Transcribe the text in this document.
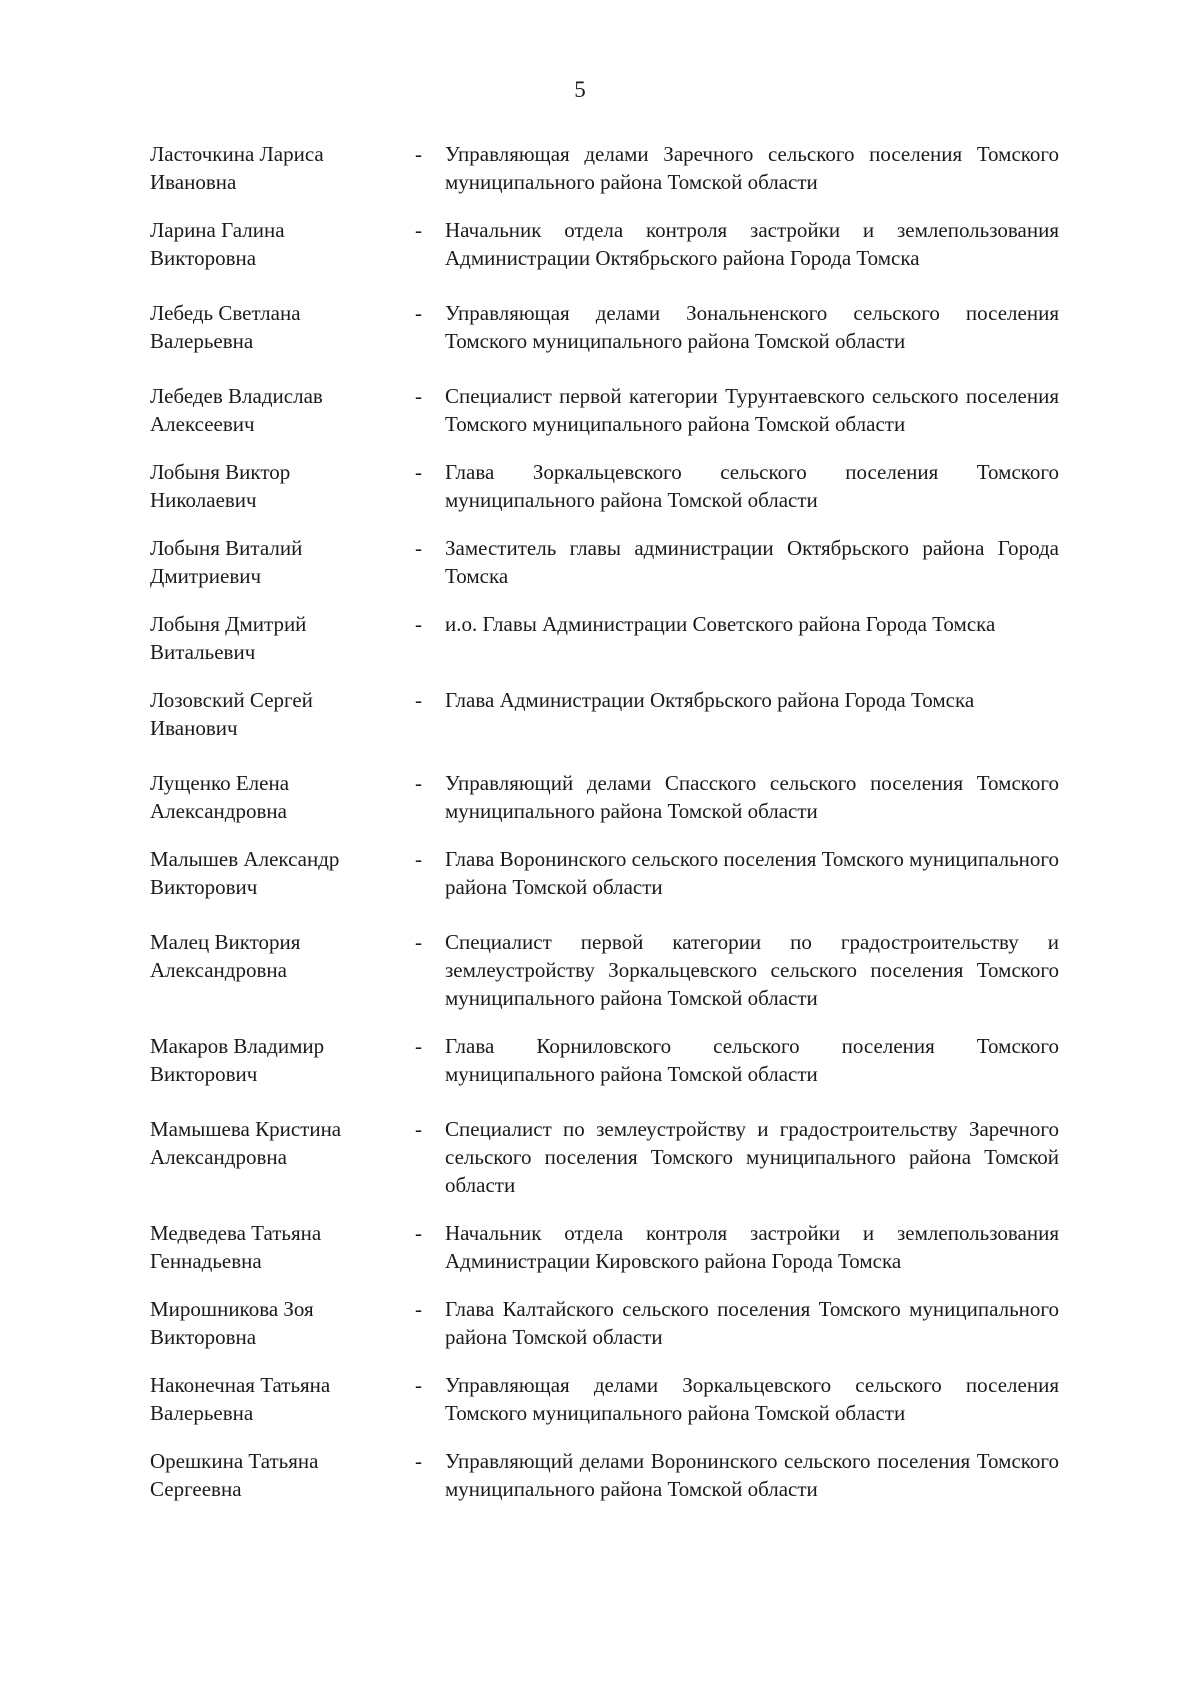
5
Ласточкина Лариса
Ивановна
-	Управляющая делами Заречного сельского поселения Томского муниципального района Томской области
Ларина Галина
Викторовна
-	Начальник отдела контроля застройки и землепользования Администрации Октябрьского района Города Томска
Лебедь Светлана
Валерьевна
-	Управляющая делами Зональненского сельского поселения Томского муниципального района Томской области
Лебедев Владислав
Алексеевич
-	Специалист первой категории Турунтаевского сельского поселения Томского муниципального района Томской области
Лобыня Виктор
Николаевич
-	Глава Зоркальцевского сельского поселения Томского муниципального района Томской области
Лобыня Виталий
Дмитриевич
-	Заместитель главы администрации Октябрьского района Города Томска
Лобыня Дмитрий
Витальевич
-	и.о. Главы Администрации Советского района Города Томска
Лозовский Сергей
Иванович
-	Глава Администрации Октябрьского района Города Томска
Лущенко Елена
Александровна
-	Управляющий делами Спасского сельского поселения Томского муниципального района Томской области
Малышев Александр
Викторович
-	Глава Воронинского сельского поселения Томского муниципального района Томской области
Малец Виктория
Александровна
-	Специалист первой категории по градостроительству и землеустройству Зоркальцевского сельского поселения Томского муниципального района Томской области
Макаров Владимир
Викторович
-	Глава Корниловского сельского поселения Томского муниципального района Томской области
Мамышева Кристина
Александровна
-	Специалист по землеустройству и градостроительству Заречного сельского поселения Томского муниципального района Томской области
Медведева Татьяна
Геннадьевна
-	Начальник отдела контроля застройки и землепользования Администрации Кировского района Города Томска
Мирошникова Зоя
Викторовна
-	Глава Калтайского сельского поселения Томского муниципального района Томской области
Наконечная Татьяна
Валерьевна
-	Управляющая делами Зоркальцевского сельского поселения Томского муниципального района Томской области
Орешкина Татьяна
Сергеевна
-	Управляющий делами Воронинского сельского поселения Томского муниципального района Томской области
